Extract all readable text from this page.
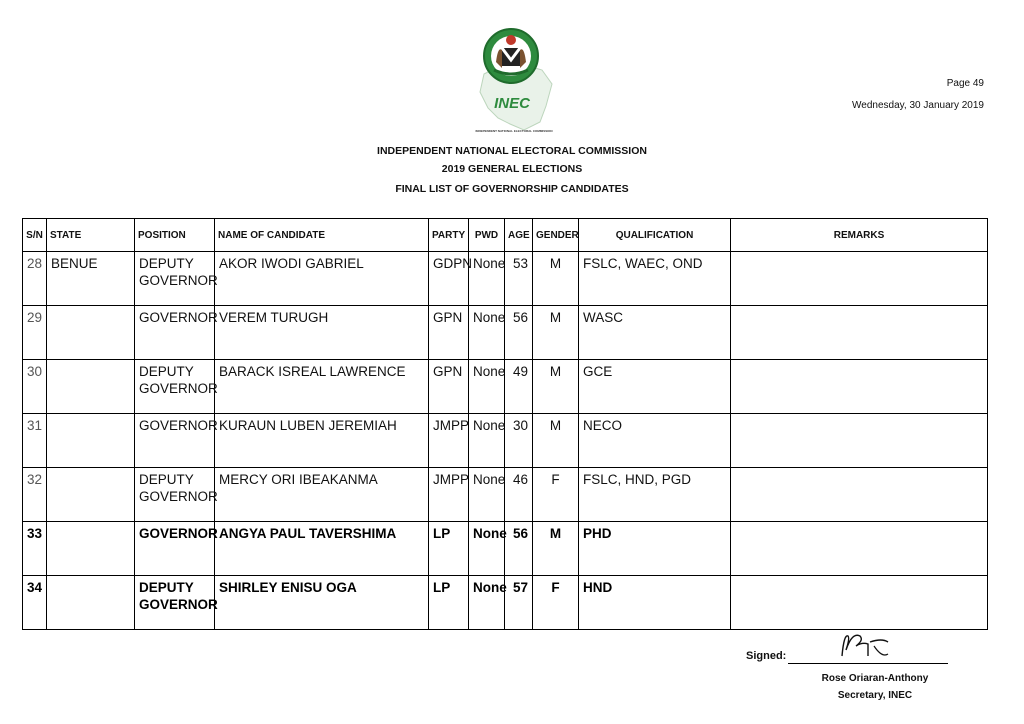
INEC
INDEPENDENT NATIONAL ELECTORAL COMMISSION
Page 49
Wednesday, 30 January 2019
INDEPENDENT NATIONAL ELECTORAL COMMISSION
2019 GENERAL ELECTIONS
FINAL LIST OF GOVERNORSHIP CANDIDATES
S/N	STATE	POSITION	NAME OF CANDIDATE	PARTY	PWD	AGE	GENDER	QUALIFICATION	REMARKS
28	BENUE	DEPUTY GOVERNOR	AKOR IWODI GABRIEL	GDPN	None	53	M	FSLC, WAEC, OND	
29		GOVERNOR	VEREM TURUGH	GPN	None	56	M	WASC	
30		DEPUTY GOVERNOR	BARACK ISREAL LAWRENCE	GPN	None	49	M	GCE	
31		GOVERNOR	KURAUN LUBEN JEREMIAH	JMPP	None	30	M	NECO	
32		DEPUTY GOVERNOR	MERCY ORI IBEAKANMA	JMPP	None	46	F	FSLC, HND, PGD	
33		GOVERNOR	ANGYA PAUL TAVERSHIMA	LP	None	56	M	PHD	
34		DEPUTY GOVERNOR	SHIRLEY ENISU OGA	LP	None	57	F	HND	
Signed:
Rose Oriaran-Anthony
Secretary, INEC
